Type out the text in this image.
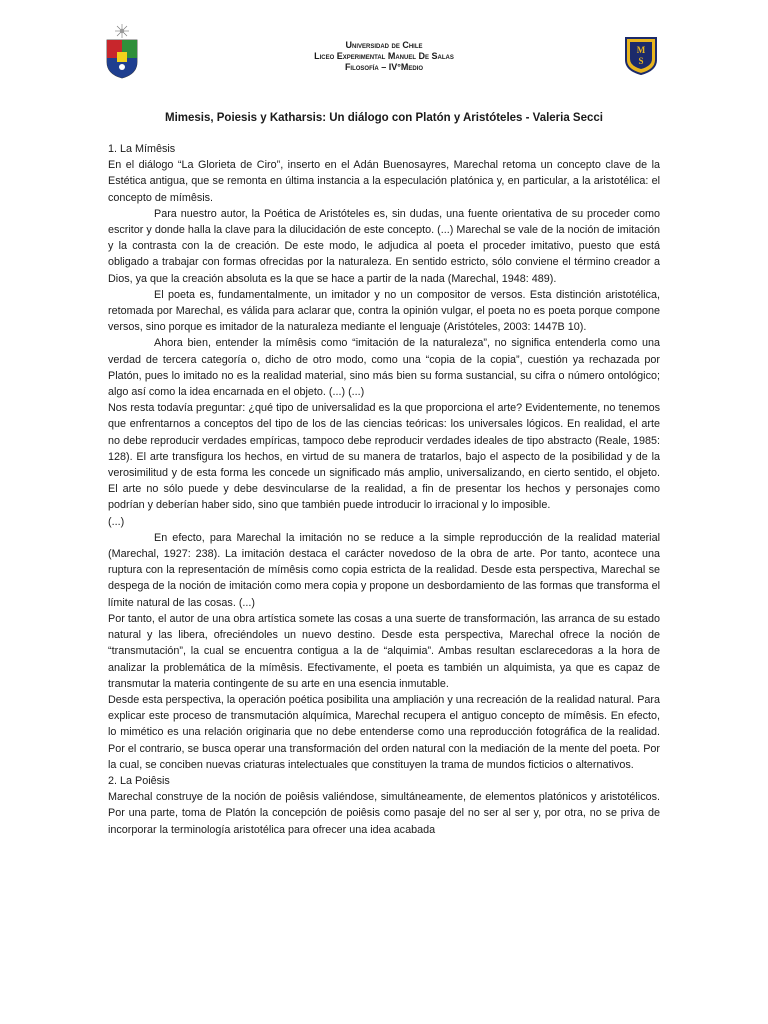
Universidad de Chile
Liceo Experimental Manuel De Salas
Filosofía – IV°Medio
M
S
Mimesis, Poiesis y Katharsis: Un diálogo con Platón y Aristóteles - Valeria Secci
1. La Mímêsis

En el diálogo “La Glorieta de Ciro”, inserto en el Adán Buenosayres, Marechal retoma un concepto clave de la Estética antigua, que se remonta en última instancia a la especulación platónica y, en particular, a la aristotélica: el concepto de mímêsis.

Para nuestro autor, la Poética de Aristóteles es, sin dudas, una fuente orientativa de su proceder como escritor y donde halla la clave para la dilucidación de este concepto. (...) Marechal se vale de la noción de imitación y la contrasta con la de creación. De este modo, le adjudica al poeta el proceder imitativo, puesto que está obligado a trabajar con formas ofrecidas por la naturaleza. En sentido estricto, sólo conviene el término creador a Dios, ya que la creación absoluta es la que se hace a partir de la nada (Marechal, 1948: 489).

El poeta es, fundamentalmente, un imitador y no un compositor de versos. Esta distinción aristotélica, retomada por Marechal, es válida para aclarar que, contra la opinión vulgar, el poeta no es poeta porque compone versos, sino porque es imitador de la naturaleza mediante el lenguaje (Aristóteles, 2003: 1447B 10).

Ahora bien, entender la mímêsis como “imitación de la naturaleza”, no significa entenderla como una verdad de tercera categoría o, dicho de otro modo, como una “copia de la copia”, cuestión ya rechazada por Platón, pues lo imitado no es la realidad material, sino más bien su forma sustancial, su cifra o número ontológico; algo así como la idea encarnada en el objeto. (...) (...)

Nos resta todavía preguntar: ¿qué tipo de universalidad es la que proporciona el arte? Evidentemente, no tenemos que enfrentarnos a conceptos del tipo de los de las ciencias teóricas: los universales lógicos. En realidad, el arte no debe reproducir verdades empíricas, tampoco debe reproducir verdades ideales de tipo abstracto (Reale, 1985: 128). El arte transfigura los hechos, en virtud de su manera de tratarlos, bajo el aspecto de la posibilidad y de la verosimilitud y de esta forma les concede un significado más amplio, universalizando, en cierto sentido, el objeto. El arte no sólo puede y debe desvincularse de la realidad, a fin de presentar los hechos y personajes como podrían y deberían haber sido, sino que también puede introducir lo irracional y lo imposible.

(...)

En efecto, para Marechal la imitación no se reduce a la simple reproducción de la realidad material (Marechal, 1927: 238). La imitación destaca el carácter novedoso de la obra de arte. Por tanto, acontece una ruptura con la representación de mímêsis como copia estricta de la realidad. Desde esta perspectiva, Marechal se despega de la noción de imitación como mera copia y propone un desbordamiento de las formas que transforma el límite natural de las cosas. (...)

Por tanto, el autor de una obra artística somete las cosas a una suerte de transformación, las arranca de su estado natural y las libera, ofreciéndoles un nuevo destino. Desde esta perspectiva, Marechal ofrece la noción de “transmutación”, la cual se encuentra contigua a la de “alquimia”. Ambas resultan esclarecedoras a la hora de analizar la problemática de la mímêsis. Efectivamente, el poeta es también un alquimista, ya que es capaz de transmutar la materia contingente de su arte en una esencia inmutable.

Desde esta perspectiva, la operación poética posibilita una ampliación y una recreación de la realidad natural. Para explicar este proceso de transmutación alquímica, Marechal recupera el antiguo concepto de mímêsis. En efecto, lo mimético es una relación originaria que no debe entenderse como una reproducción fotográfica de la realidad. Por el contrario, se busca operar una transformación del orden natural con la mediación de la mente del poeta. Por la cual, se conciben nuevas criaturas intelectuales que constituyen la trama de mundos ficticios o alternativos.

2. La Poiêsis

Marechal construye de la noción de poiêsis valiéndose, simultáneamente, de elementos platónicos y aristotélicos. Por una parte, toma de Platón la concepción de poiêsis como pasaje del no ser al ser y, por otra, no se priva de incorporar la terminología aristotélica para ofrecer una idea acabada
